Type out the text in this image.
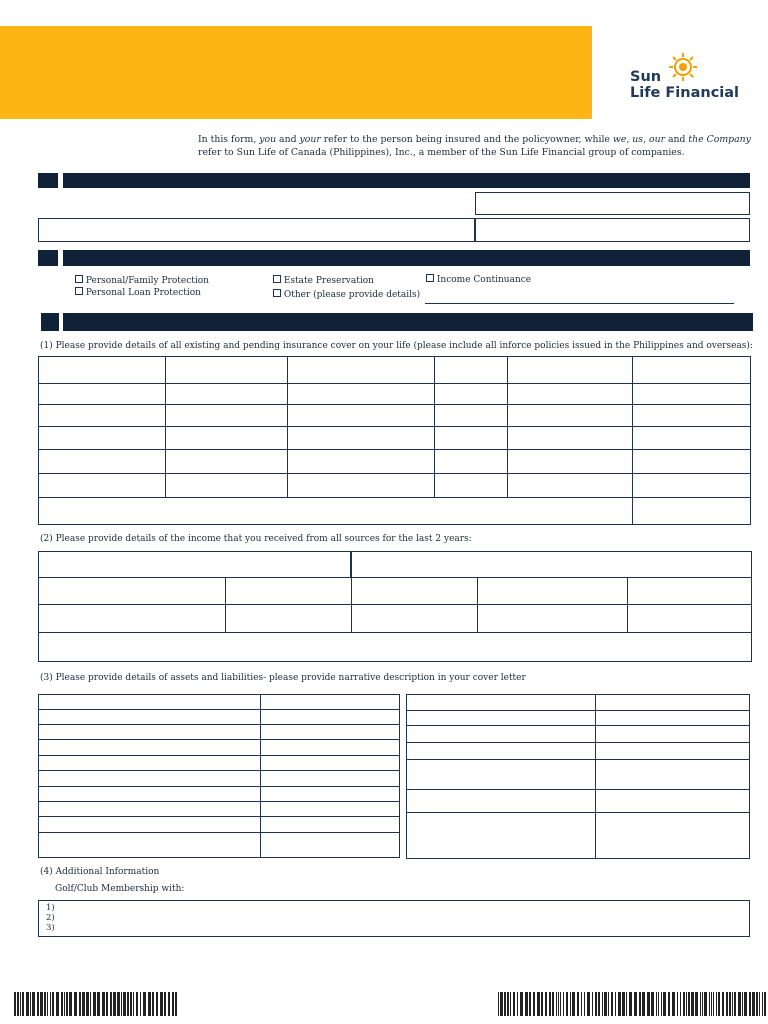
Sun
Life Financial
In this form, you and your refer to the person being insured and the policyowner, while we, us, our and the Company
refer to Sun Life of Canada (Philippines), Inc., a member of the Sun Life Financial group of companies.
Personal/Family Protection
Personal Loan Protection
Estate Preservation
Other (please provide details)
Income Continuance
(1) Please provide details of all existing and pending insurance cover on your life (please include all inforce policies issued in the Philippines and overseas):

(2) Please provide details of the income that you received from all sources for the last 2 years:

(3) Please provide details of assets and liabilities- please provide narrative description in your cover letter
(4) Additional Information
Golf/Club Membership with:
1)
2)
3)
